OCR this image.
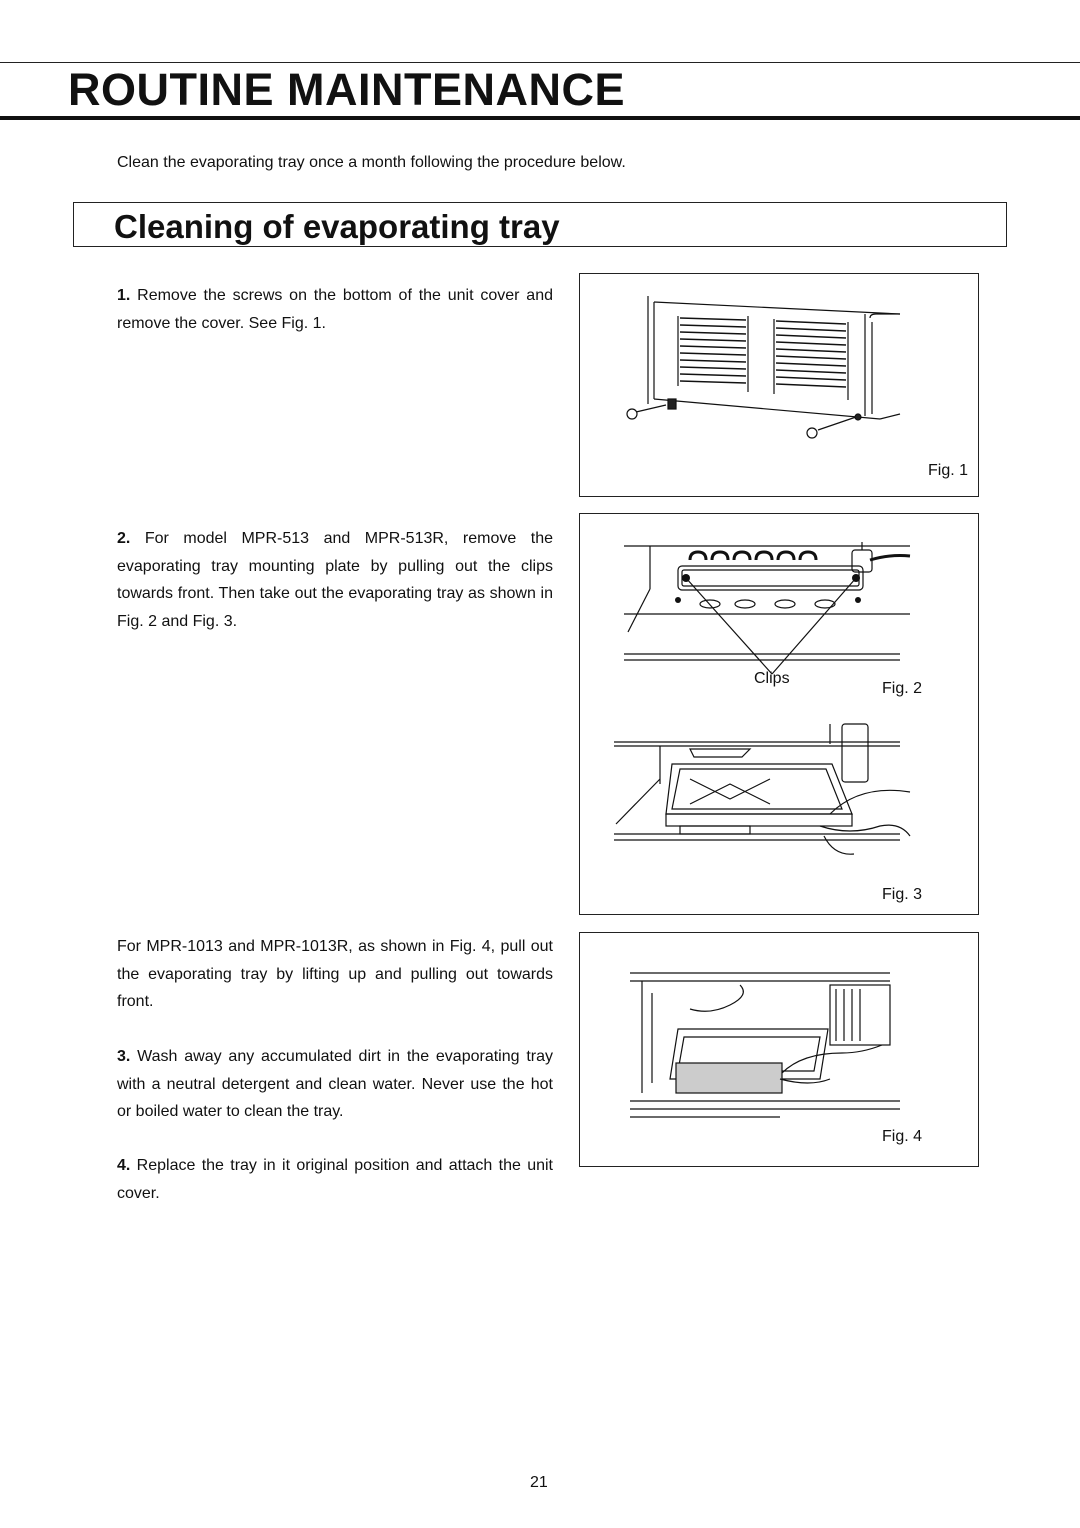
ROUTINE MAINTENANCE

Clean the evaporating tray once a month following the procedure below.

Cleaning of evaporating tray

1. Remove the screws on the bottom of the unit cover and remove the cover. See Fig. 1.

2. For model MPR-513 and MPR-513R, remove the evaporating tray mounting plate by pulling out the clips towards front. Then take out the evaporating tray as shown in Fig. 2 and Fig. 3.

For MPR-1013 and MPR-1013R, as shown in Fig. 4, pull out the evaporating tray by lifting up and pulling out towards front.

3. Wash away any accumulated dirt in the evaporating tray with a neutral detergent and clean water. Never use the hot or boiled water to clean the tray.

4. Replace the tray in it original position and attach the unit cover.

Fig. 1
Clips
Fig. 2
Fig. 3
Fig. 4

21
